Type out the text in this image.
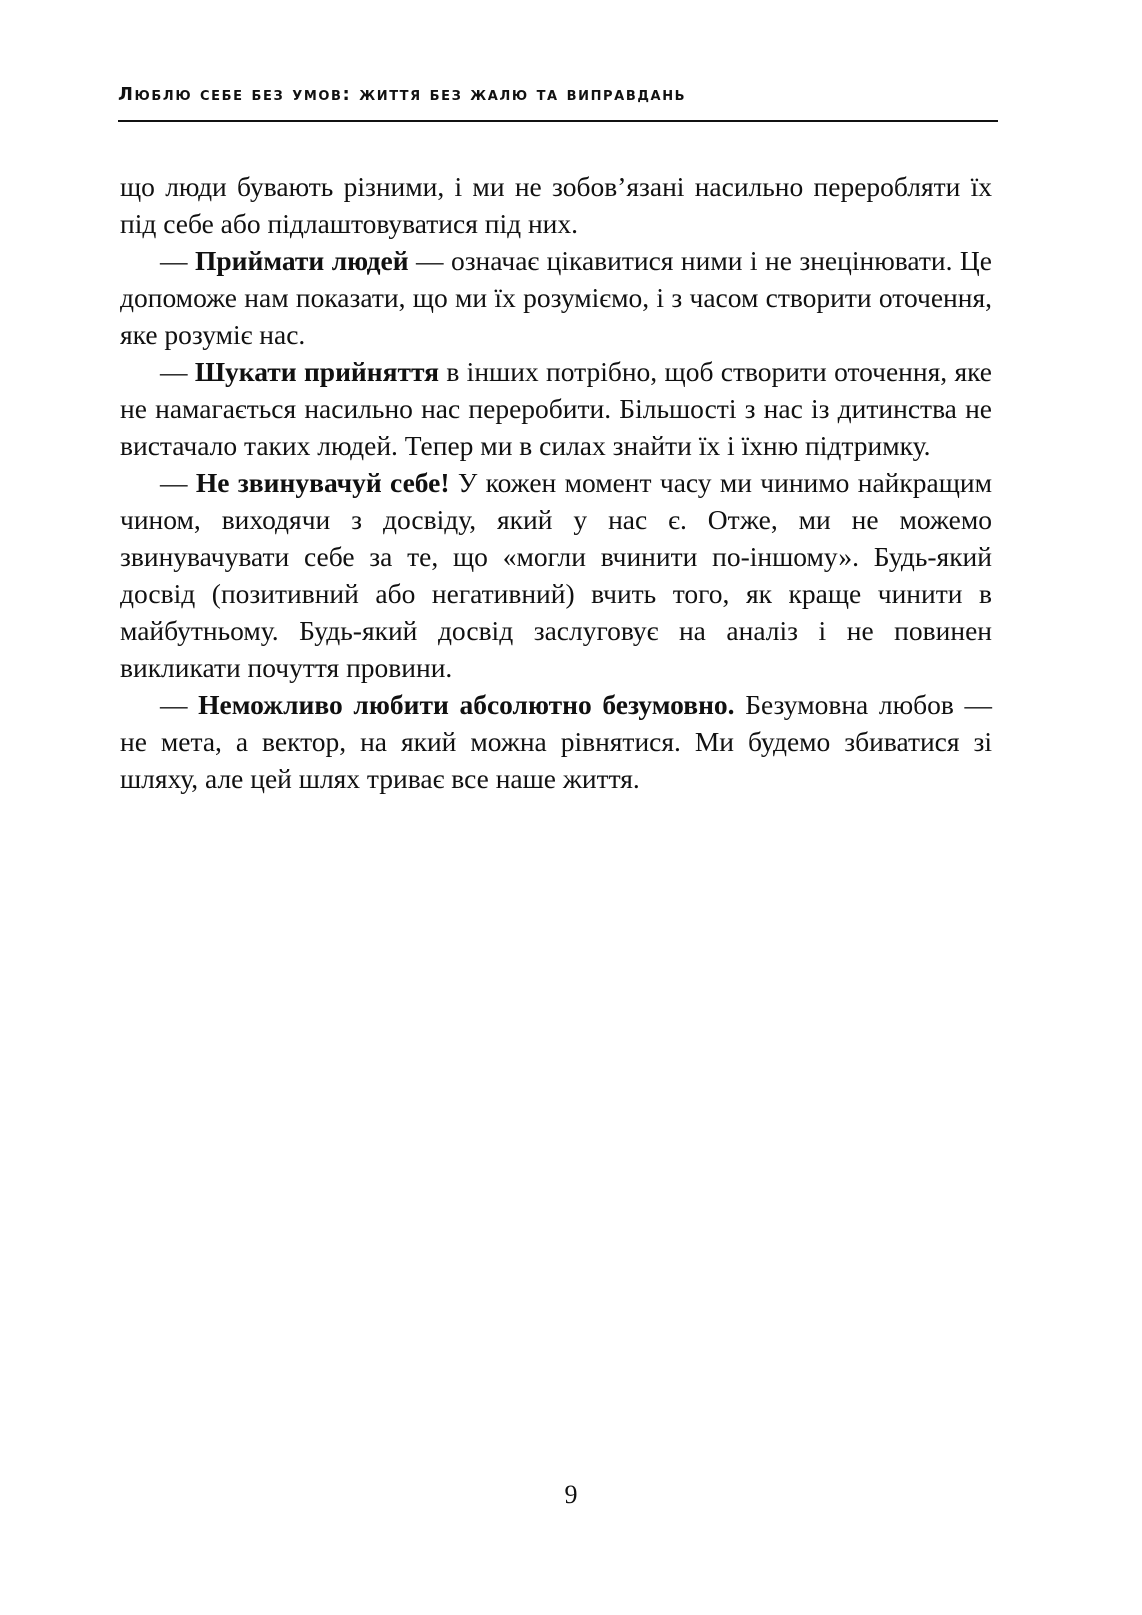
Люблю себе без умов: життя без жалю та виправдань

що люди бувають різними, і ми не зобов’язані насильно переробляти їх під себе або підлаштовуватися під них.

— Приймати людей — означає цікавитися ними і не знецінювати. Це допоможе нам показати, що ми їх розуміємо, і з часом створити оточення, яке розуміє нас.

— Шукати прийняття в інших потрібно, щоб створити оточення, яке не намагається насильно нас переробити. Більшості з нас із дитинства не вистачало таких людей. Тепер ми в силах знайти їх і їхню підтримку.

— Не звинувачуй себе! У кожен момент часу ми чинимо найкращим чином, виходячи з досвіду, який у нас є. Отже, ми не можемо звинувачувати себе за те, що «могли вчинити по-іншому». Будь-який досвід (позитивний або негативний) вчить того, як краще чинити в майбутньому. Будь-який досвід заслуговує на аналіз і не повинен викликати почуття провини.

— Неможливо любити абсолютно безумовно. Безумовна любов — не мета, а вектор, на який можна рівнятися. Ми будемо збиватися зі шляху, але цей шлях триває все наше життя.

9
